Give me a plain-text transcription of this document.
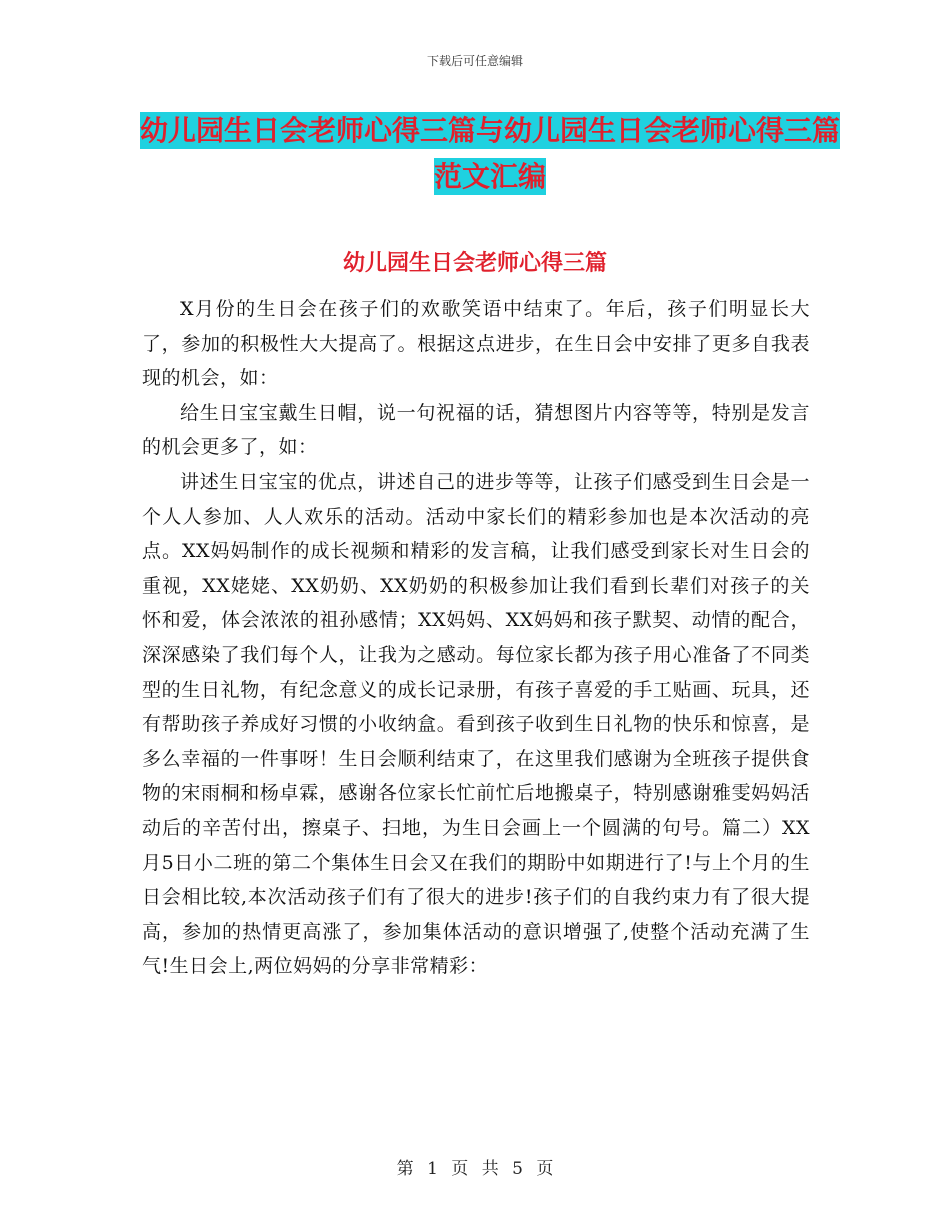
下载后可任意编辑
幼儿园生日会老师心得三篇与幼儿园生日会老师心得三篇范文汇编
幼儿园生日会老师心得三篇

X月份的生日会在孩子们的欢歌笑语中结束了。年后，孩子们明显长大了，参加的积极性大大提高了。根据这点进步，在生日会中安排了更多自我表现的机会，如：

给生日宝宝戴生日帽，说一句祝福的话，猜想图片内容等等，特别是发言的机会更多了，如：

讲述生日宝宝的优点，讲述自己的进步等等，让孩子们感受到生日会是一个人人参加、人人欢乐的活动。活动中家长们的精彩参加也是本次活动的亮点。XX妈妈制作的成长视频和精彩的发言稿，让我们感受到家长对生日会的重视，XX姥姥、XX奶奶、XX奶奶的积极参加让我们看到长辈们对孩子的关怀和爱，体会浓浓的祖孙感情；XX妈妈、XX妈妈和孩子默契、动情的配合，深深感染了我们每个人，让我为之感动。每位家长都为孩子用心准备了不同类型的生日礼物，有纪念意义的成长记录册，有孩子喜爱的手工贴画、玩具，还有帮助孩子养成好习惯的小收纳盒。看到孩子收到生日礼物的快乐和惊喜，是多么幸福的一件事呀！生日会顺利结束了，在这里我们感谢为全班孩子提供食物的宋雨桐和杨卓霖，感谢各位家长忙前忙后地搬桌子，特别感谢雅雯妈妈活动后的辛苦付出，擦桌子、扫地，为生日会画上一个圆满的句号。篇二）XX月5日小二班的第二个集体生日会又在我们的期盼中如期进行了!与上个月的生日会相比较,本次活动孩子们有了很大的进步!孩子们的自我约束力有了很大提高，参加的热情更高涨了，参加集体活动的意识增强了,使整个活动充满了生气!生日会上,两位妈妈的分享非常精彩：

第 1 页 共 5 页
